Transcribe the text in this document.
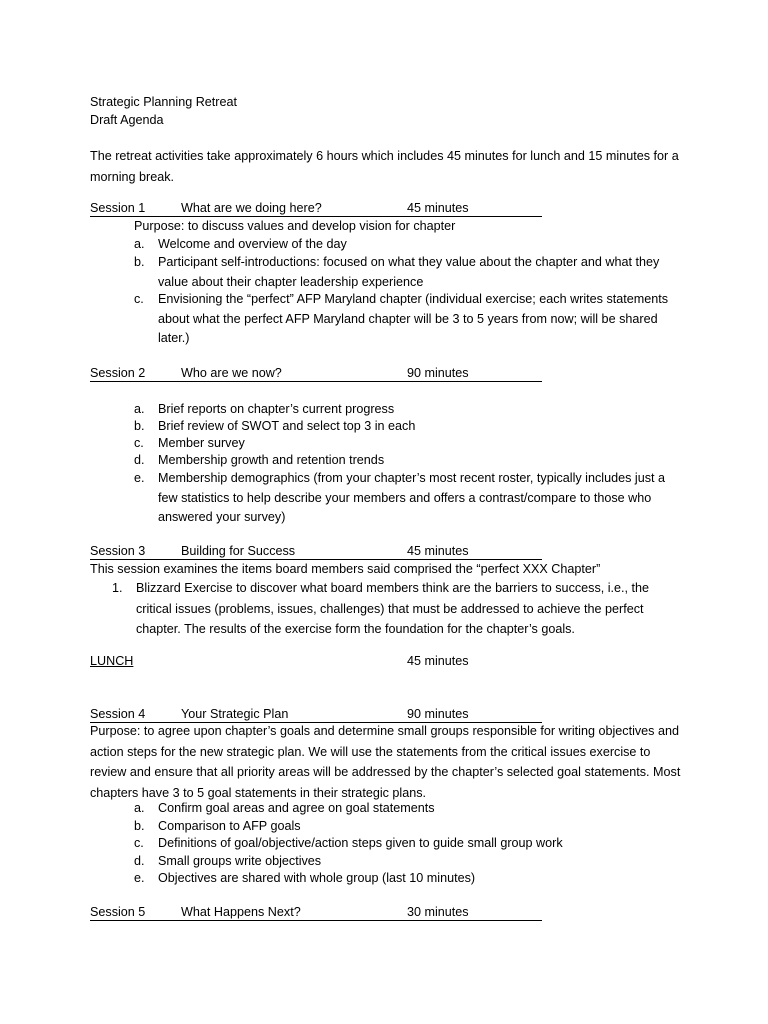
Strategic Planning Retreat
Draft Agenda
The retreat activities take approximately 6 hours which includes 45 minutes for lunch and 15 minutes for a morning break.
Session 1	What are we doing here?	45 minutes
Purpose: to discuss values and develop vision for chapter
a. Welcome and overview of the day
b. Participant self-introductions: focused on what they value about the chapter and what they value about their chapter leadership experience
c. Envisioning the “perfect” AFP Maryland chapter (individual exercise; each writes statements about what the perfect AFP Maryland chapter will be 3 to 5 years from now; will be shared later.)
Session 2	Who are we now?	90 minutes
a. Brief reports on chapter’s current progress
b. Brief review of SWOT and select top 3 in each
c. Member survey
d. Membership growth and retention trends
e. Membership demographics (from your chapter’s most recent roster, typically includes just a few statistics to help describe your members and offers a contrast/compare to those who answered your survey)
Session 3	Building for Success	45 minutes
This session examines the items board members said comprised the “perfect XXX Chapter”
1. Blizzard Exercise to discover what board members think are the barriers to success, i.e., the critical issues (problems, issues, challenges) that must be addressed to achieve the perfect chapter. The results of the exercise form the foundation for the chapter’s goals.
LUNCH	45 minutes
Session 4	Your Strategic Plan	90 minutes
Purpose: to agree upon chapter’s goals and determine small groups responsible for writing objectives and action steps for the new strategic plan. We will use the statements from the critical issues exercise to review and ensure that all priority areas will be addressed by the chapter’s selected goal statements. Most chapters have 3 to 5 goal statements in their strategic plans.
a. Confirm goal areas and agree on goal statements
b. Comparison to AFP goals
c. Definitions of goal/objective/action steps given to guide small group work
d. Small groups write objectives
e. Objectives are shared with whole group (last 10 minutes)
Session 5	What Happens Next?	30 minutes
